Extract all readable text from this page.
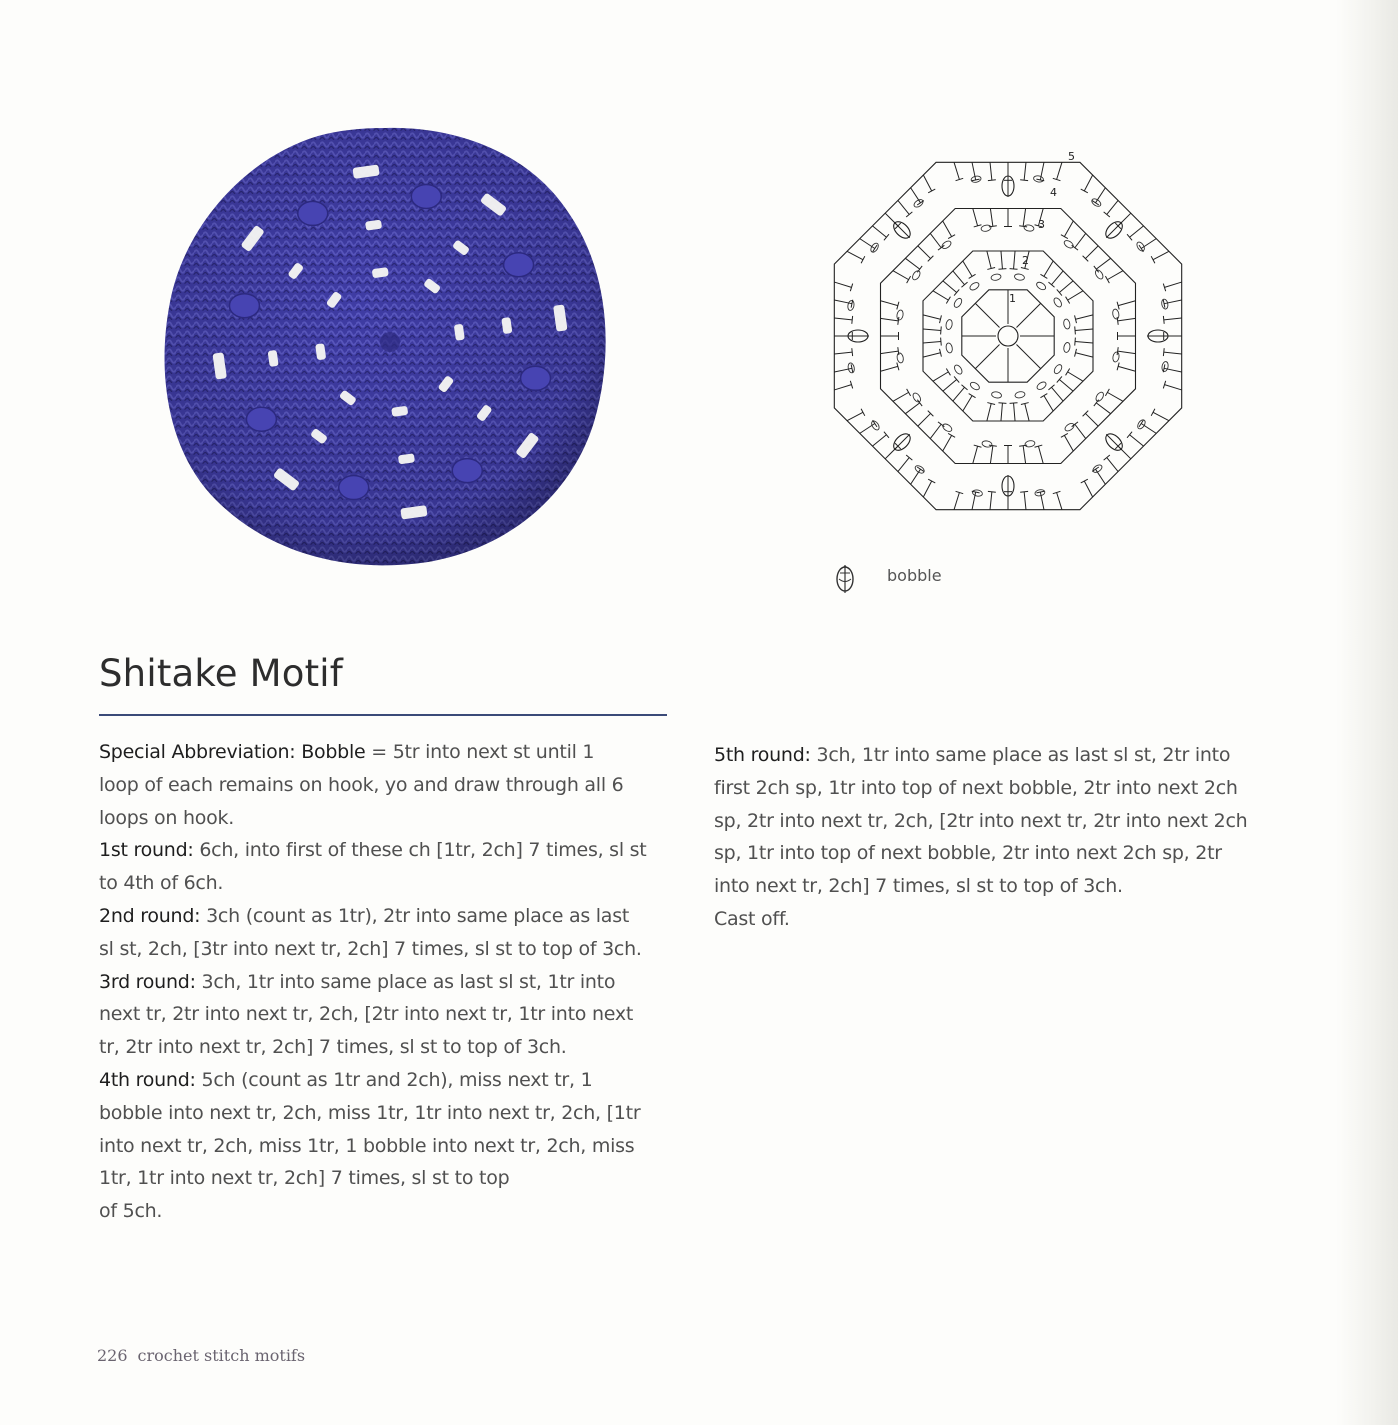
1
2
3
4
5
bobble
Shitake Motif

Special Abbreviation: Bobble = 5tr into next st until 1

loop of each remains on hook, yo and draw through all 6

loops on hook.

1st round: 6ch, into first of these ch [1tr, 2ch] 7 times, sl st

to 4th of 6ch.

2nd round: 3ch (count as 1tr), 2tr into same place as last

sl st, 2ch, [3tr into next tr, 2ch] 7 times, sl st to top of 3ch.

3rd round: 3ch, 1tr into same place as last sl st, 1tr into

next tr, 2tr into next tr, 2ch, [2tr into next tr, 1tr into next

tr, 2tr into next tr, 2ch] 7 times, sl st to top of 3ch.

4th round: 5ch (count as 1tr and 2ch), miss next tr, 1

bobble into next tr, 2ch, miss 1tr, 1tr into next tr, 2ch, [1tr

into next tr, 2ch, miss 1tr, 1 bobble into next tr, 2ch, miss

1tr, 1tr into next tr, 2ch] 7 times, sl st to top

of 5ch.

5th round: 3ch, 1tr into same place as last sl st, 2tr into

first 2ch sp, 1tr into top of next bobble, 2tr into next 2ch

sp, 2tr into next tr, 2ch, [2tr into next tr, 2tr into next 2ch

sp, 1tr into top of next bobble, 2tr into next 2ch sp, 2tr

into next tr, 2ch] 7 times, sl st to top of 3ch.

Cast off.

226 crochet stitch motifs
